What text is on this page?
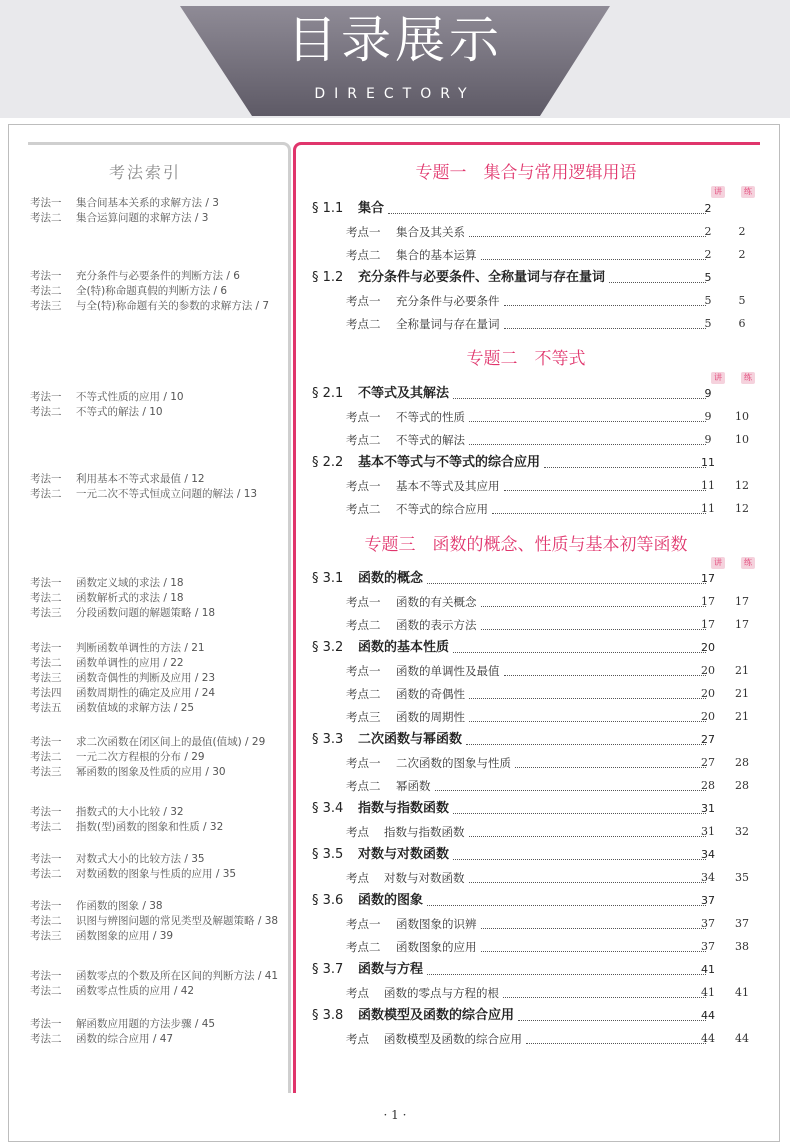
目录展示
DIRECTORY
考法索引
考法一 集合间基本关系的求解方法 / 3
考法二 集合运算问题的求解方法 / 3
考法一 充分条件与必要条件的判断方法 / 6
考法二 全(特)称命题真假的判断方法 / 6
考法三 与全(特)称命题有关的参数的求解方法 / 7
考法一 不等式性质的应用 / 10
考法二 不等式的解法 / 10
考法一 利用基本不等式求最值 / 12
考法二 一元二次不等式恒成立问题的解法 / 13
考法一 函数定义域的求法 / 18
考法二 函数解析式的求法 / 18
考法三 分段函数问题的解题策略 / 18
考法一 判断函数单调性的方法 / 21
考法二 函数单调性的应用 / 22
考法三 函数奇偶性的判断及应用 / 23
考法四 函数周期性的确定及应用 / 24
考法五 函数值域的求解方法 / 25
考法一 求二次函数在闭区间上的最值(值域) / 29
考法二 一元二次方程根的分布 / 29
考法三 幂函数的图象及性质的应用 / 30
考法一 指数式的大小比较 / 32
考法二 指数(型)函数的图象和性质 / 32
考法一 对数式大小的比较方法 / 35
考法二 对数函数的图象与性质的应用 / 35
考法一 作函数的图象 / 38
考法二 识图与辨图问题的常见类型及解题策略 / 38
考法三 函数图象的应用 / 39
考法一 函数零点的个数及所在区间的判断方法 / 41
考法二 函数零点性质的应用 / 42
考法一 解函数应用题的方法步骤 / 45
考法二 函数的综合应用 / 47
专题一　集合与常用逻辑用语
专题二　不等式
专题三　函数的概念、性质与基本初等函数
讲	练
讲	练
讲	练
§ 1.1 集合	2
考点一 集合及其关系	2	2
考点二 集合的基本运算	2	2
§ 1.2 充分条件与必要条件、全称量词与存在量词	5
考点一 充分条件与必要条件	5	5
考点二 全称量词与存在量词	5	6
§ 2.1 不等式及其解法	9
考点一 不等式的性质	9	10
考点二 不等式的解法	9	10
§ 2.2 基本不等式与不等式的综合应用	11
考点一 基本不等式及其应用	11	12
考点二 不等式的综合应用	11	12
§ 3.1 函数的概念	17
考点一 函数的有关概念	17	17
考点二 函数的表示方法	17	17
§ 3.2 函数的基本性质	20
考点一 函数的单调性及最值	20	21
考点二 函数的奇偶性	20	21
考点三 函数的周期性	20	21
§ 3.3 二次函数与幂函数	27
考点一 二次函数的图象与性质	27	28
考点二 幂函数	28	28
§ 3.4 指数与指数函数	31
考点 指数与指数函数	31	32
§ 3.5 对数与对数函数	34
考点 对数与对数函数	34	35
§ 3.6 函数的图象	37
考点一 函数图象的识辨	37	37
考点二 函数图象的应用	37	38
§ 3.7 函数与方程	41
考点 函数的零点与方程的根	41	41
§ 3.8 函数模型及函数的综合应用	44
考点 函数模型及函数的综合应用	44	44
· 1 ·
